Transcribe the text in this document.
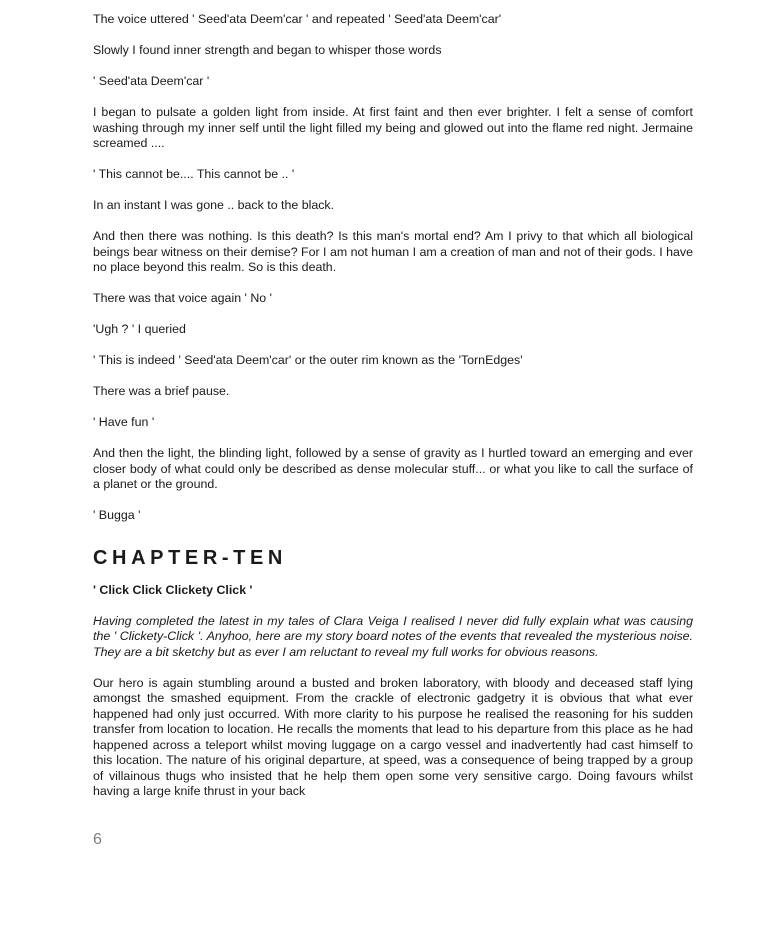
The voice uttered ' Seed'ata Deem'car ' and repeated ' Seed'ata Deem'car'

Slowly I found inner strength and began to whisper those words

' Seed'ata Deem'car '

I began to pulsate a golden light from inside. At first faint and then ever brighter. I felt a sense of comfort washing through my inner self until the light filled my being and glowed out into the flame red night. Jermaine screamed ....

' This cannot be.... This cannot be .. '

In an instant I was gone .. back to the black.

And then there was nothing. Is this death? Is this man's mortal end? Am I privy to that which all biological beings bear witness on their demise? For I am not human I am a creation of man and not of their gods. I have no place beyond this realm. So is this death.

There was that voice again ' No '

'Ugh ? ' I queried

' This is indeed ' Seed'ata Deem'car' or the outer rim known as the 'TornEdges'

There was a brief pause.

' Have fun '

And then the light, the blinding light, followed by a sense of gravity as I hurtled toward an emerging and ever closer body of what could only be described as dense molecular stuff... or what you like to call the surface of a planet or the ground.

' Bugga '

CHAPTER-TEN
' Click Click Clickety Click '

Having completed the latest in my tales of Clara Veiga I realised I never did fully explain what was causing the ' Clickety-Click '. Anyhoo, here are my story board notes of the events that revealed the mysterious noise. They are a bit sketchy but as ever I am reluctant to reveal my full works for obvious reasons.

Our hero is again stumbling around a busted and broken laboratory, with bloody and deceased staff lying amongst the smashed equipment. From the crackle of electronic gadgetry it is obvious that what ever happened had only just occurred. With more clarity to his purpose he realised the reasoning for his sudden transfer from location to location. He recalls the moments that lead to his departure from this place as he had happened across a teleport whilst moving luggage on a cargo vessel and inadvertently had cast himself to this location. The nature of his original departure, at speed, was a consequence of being trapped by a group of villainous thugs who insisted that he help them open some very sensitive cargo. Doing favours whilst having a large knife thrust in your back

6
